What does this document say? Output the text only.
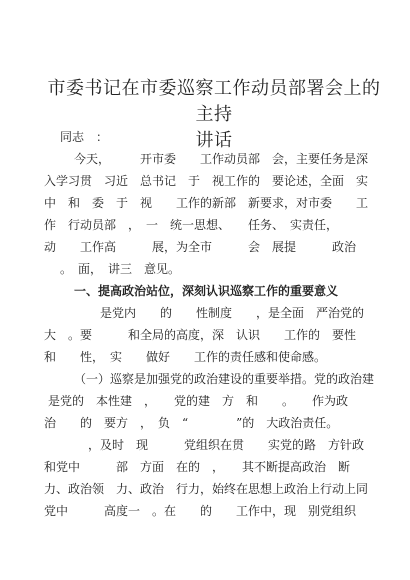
市委书记在市委巡察工作动员部署会上的主持
讲话
同志　：
今天，　　　开市委　　工作动员部　会，主要任务是深
入学习贯　习近　总书记　于　视工作的　要论述，全面　实
中　和　委　于　视　　工作的新部　新要求，对市委　　工
作　行动员部　，　一　统一思想、　　任务、　实责任，
动　　工作高　　　展，为全市　　　会　展提　　　政治
。　面，　讲三　意见。
一、提高政治站位，深刻认识巡察工作的重要意义
是党内　　的　　性制度　　，是全面　严治党的
大　。要　　　和全局的高度，深　认识　　工作的　要性
和　　性，　实　　做好　　工作的责任感和使命感。
（一）巡察是加强党的政治建设的重要举措。党的政治建
是党的　本性建　，　　党的建　方　和　　。　　作为政
治　　的　要方　，　负　“　　　　”的　大政治责任。
，及时　现　　　党组织在贯　　实党的路　方针政
和党中　　　部　方面　在的　，　　其不断提高政治　断
力、政治领　力、政治　行力，始终在思想上政治上行动上同
党中　　　高度一　。在　　的　　工作中，现　别党组织
